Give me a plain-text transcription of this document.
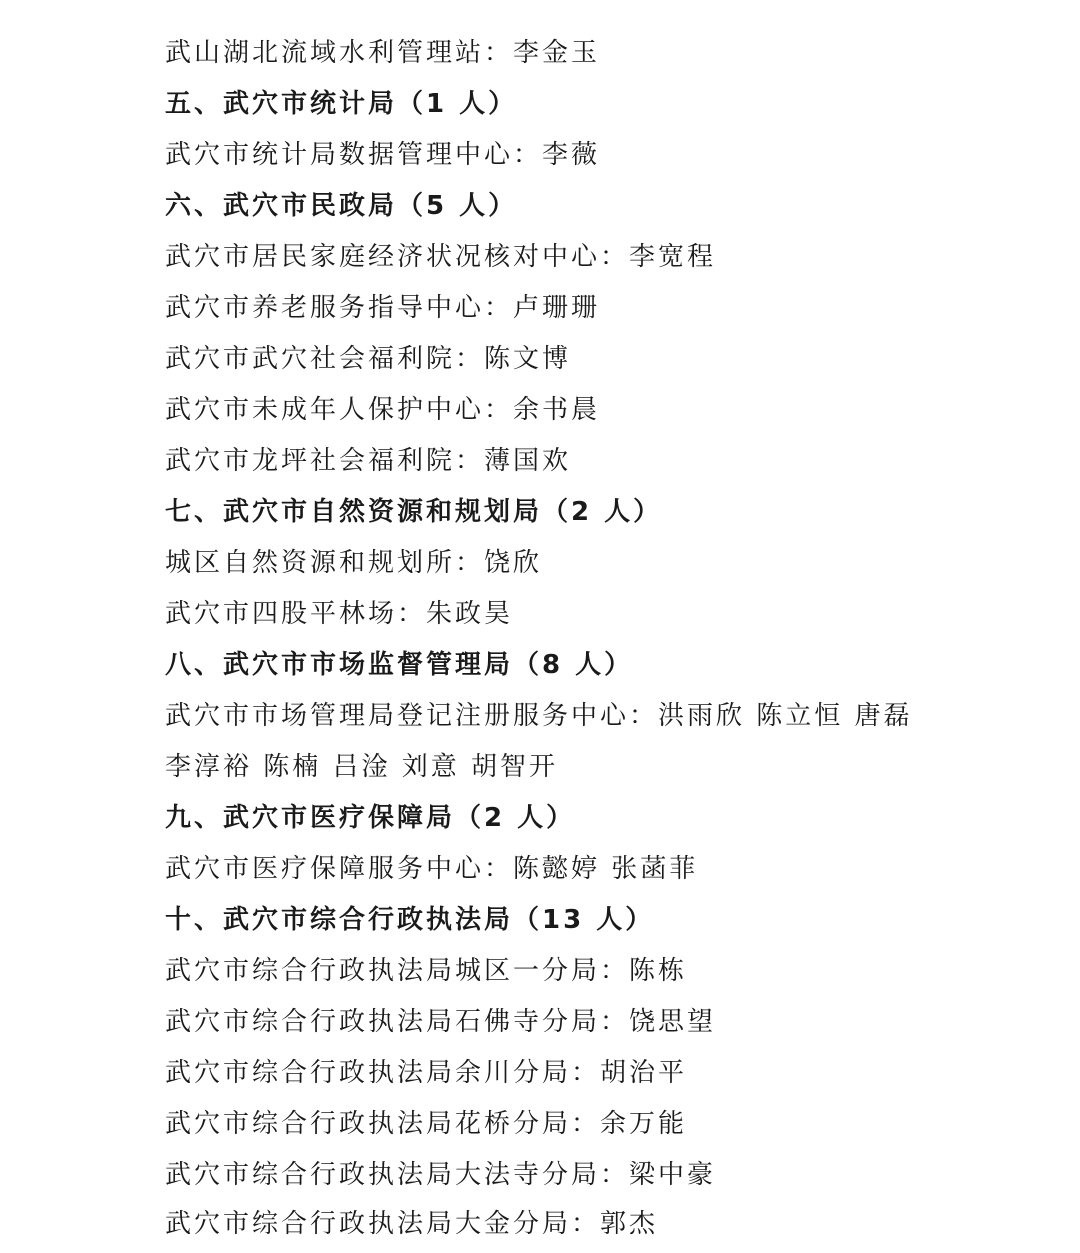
武山湖北流域水利管理站：李金玉
五、武穴市统计局（1 人）
武穴市统计局数据管理中心：李薇
六、武穴市民政局（5 人）
武穴市居民家庭经济状况核对中心：李宽程
武穴市养老服务指导中心：卢珊珊
武穴市武穴社会福利院：陈文博
武穴市未成年人保护中心：余书晨
武穴市龙坪社会福利院：薄国欢
七、武穴市自然资源和规划局（2 人）
城区自然资源和规划所：饶欣
武穴市四股平林场：朱政昊
八、武穴市市场监督管理局（8 人）
武穴市市场管理局登记注册服务中心：洪雨欣 陈立恒 唐磊
李淳裕 陈楠 吕淦 刘意 胡智开
九、武穴市医疗保障局（2 人）
武穴市医疗保障服务中心：陈懿婷 张菡菲
十、武穴市综合行政执法局（13 人）
武穴市综合行政执法局城区一分局：陈栋
武穴市综合行政执法局石佛寺分局：饶思望
武穴市综合行政执法局余川分局：胡治平
武穴市综合行政执法局花桥分局：余万能
武穴市综合行政执法局大法寺分局：梁中豪
武穴市综合行政执法局大金分局：郭杰
